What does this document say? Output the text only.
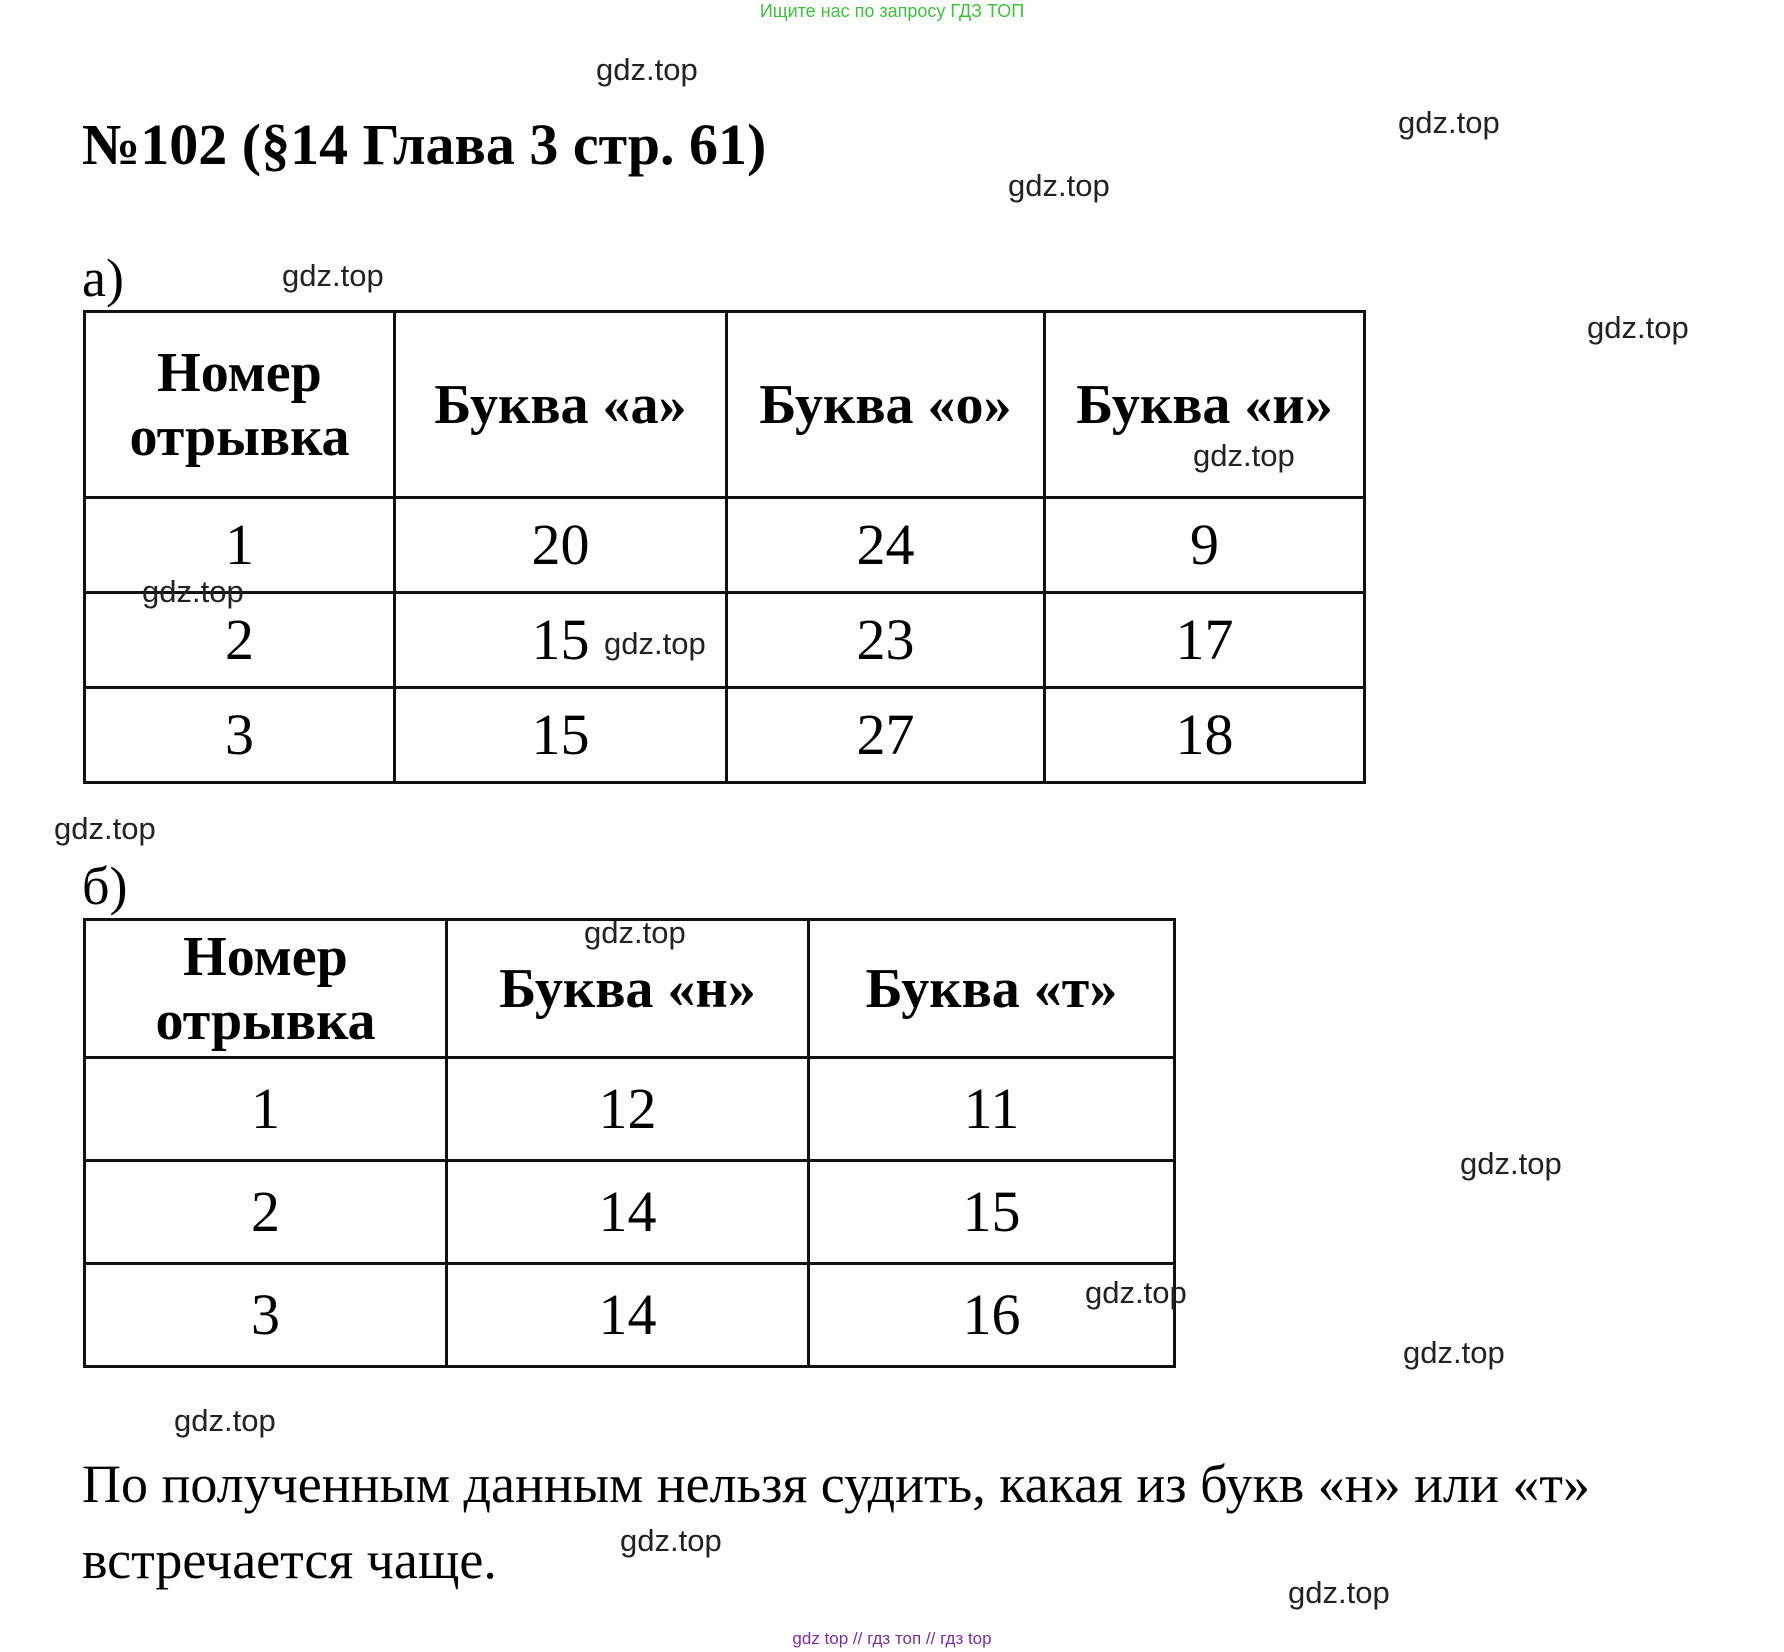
Ищите нас по запросу ГДЗ ТОП
№102 (§14 Глава 3 стр. 61)
а)
Номер отрывка	Буква «а»	Буква «о»	Буква «и»
1	20	24	9
2	15	23	17
3	15	27	18
б)
Номер отрывка	Буква «н»	Буква «т»
1	12	11
2	14	15
3	14	16
По полученным данным нельзя судить, какая из букв «н» или «т» встречается чаще.
gdz.top
gdz.top
gdz.top
gdz.top
gdz.top
gdz.top
gdz.top
gdz.top
gdz.top
gdz.top
gdz.top
gdz.top
gdz.top
gdz.top
gdz.top
gdz.top
gdz top // гдз топ // гдз top
